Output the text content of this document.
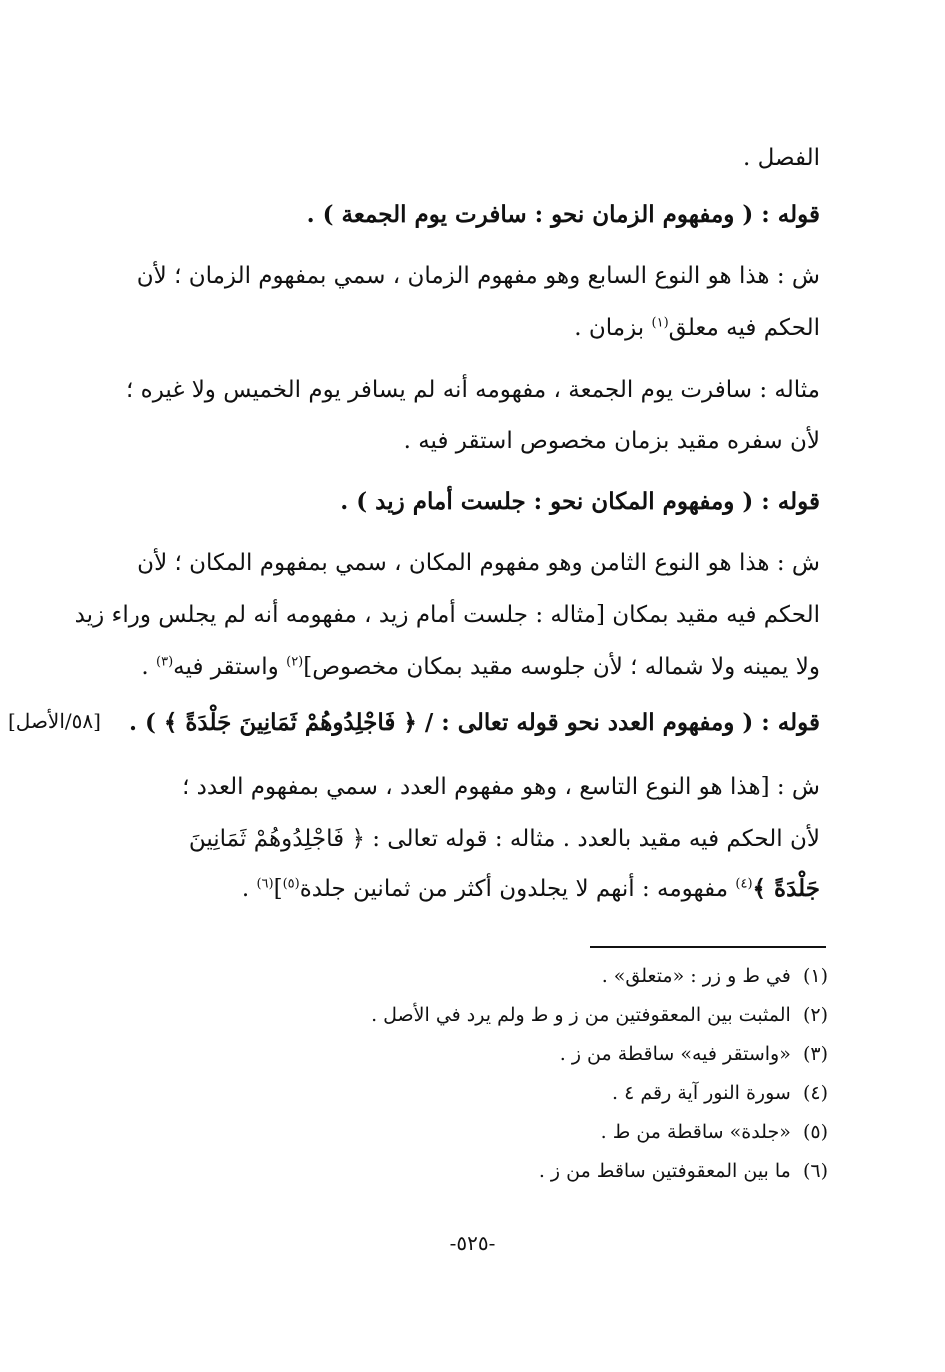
الفصل .
قوله : ( ومفهوم الزمان نحو : سافرت يوم الجمعة ) .
ش : هذا هو النوع السابع وهو مفهوم الزمان ، سمي بمفهوم الزمان ؛ لأن
الحكم فيه معلق$^{(١)}$ بزمان .
مثاله : سافرت يوم الجمعة ، مفهومه أنه لم يسافر يوم الخميس ولا غيره ؛
لأن سفره مقيد بزمان مخصوص استقر فيه .
قوله : ( ومفهوم المكان نحو : جلست أمام زيد ) .
ش : هذا هو النوع الثامن وهو مفهوم المكان ، سمي بمفهوم المكان ؛ لأن
الحكم فيه مقيد بمكان [مثاله : جلست أمام زيد ، مفهومه أنه لم يجلس وراء زيد
ولا يمينه ولا شماله ؛ لأن جلوسه مقيد بمكان مخصوص]$^{(٢)}$ واستقر فيه$^{(٣)}$ .
قوله : ( ومفهوم العدد نحو قوله تعالى : / ﴿ فَاجْلِدُوهُمْ ثَمَانِينَ جَلْدَةً ﴾ ) .
[٥٨/الأصل]
ش : [هذا هو النوع التاسع ، وهو مفهوم العدد ، سمي بمفهوم العدد ؛
لأن الحكم فيه مقيد بالعدد . مثاله : قوله تعالى : ﴿ فَاجْلِدُوهُمْ ثَمَانِينَ
جَلْدَةً ﴾$^{(٤)}$ مفهومه : أنهم لا يجلدون أكثر من ثمانين جلدة$^{(٥)}$]$^{(٦)}$ .
(١)  في ط و زر : «متعلق» .
(٢)  المثبت بين المعقوفتين من ز و ط ولم يرد في الأصل .
(٣)  «واستقر فيه» ساقطة من ز .
(٤)  سورة النور آية رقم ٤ .
(٥)  «جلدة» ساقطة من ط .
(٦)  ما بين المعقوفتين ساقط من ز .
-٥٢٥-
